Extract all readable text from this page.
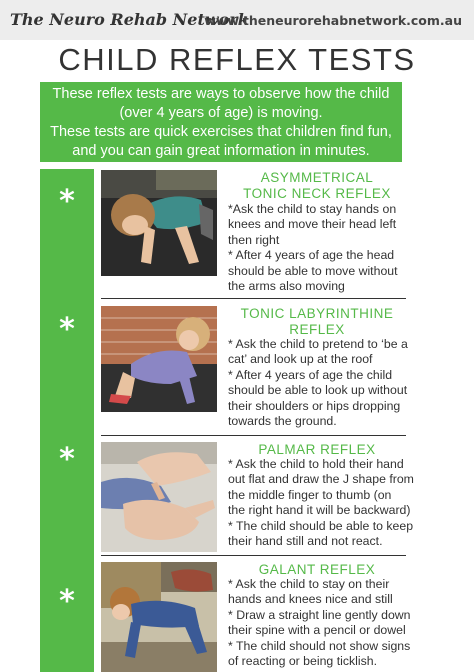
The Neuro Rehab Network
www.theneurorehabnetwork.com.au
CHILD REFLEX TESTS
These reflex tests are ways to observe how the child
(over 4 years of age) is moving.
These tests are quick exercises that children find fun,
and you can gain great information in minutes.
*
*
*
*
ASYMMETRICAL
TONIC NECK REFLEX
*Ask the child to stay hands on
knees and move their head left
then right
* After 4 years of age the head
should be able to move without
the arms also moving
TONIC LABYRINTHINE
REFLEX
* Ask the child to pretend to ‘be a
cat’ and look up at the roof
* After 4 years of age the child
should be able to look up without
their shoulders or hips dropping
towards the ground.
PALMAR REFLEX
* Ask the child to hold their hand
out flat and draw the J shape from
the middle finger to thumb (on
the right hand it will be backward)
* The child should be able to keep
their hand still and not react.
GALANT REFLEX
* Ask the child to stay on their
hands and knees nice and still
* Draw a straight line gently down
their spine with a pencil or dowel
* The child should not show signs
of reacting or being ticklish.
